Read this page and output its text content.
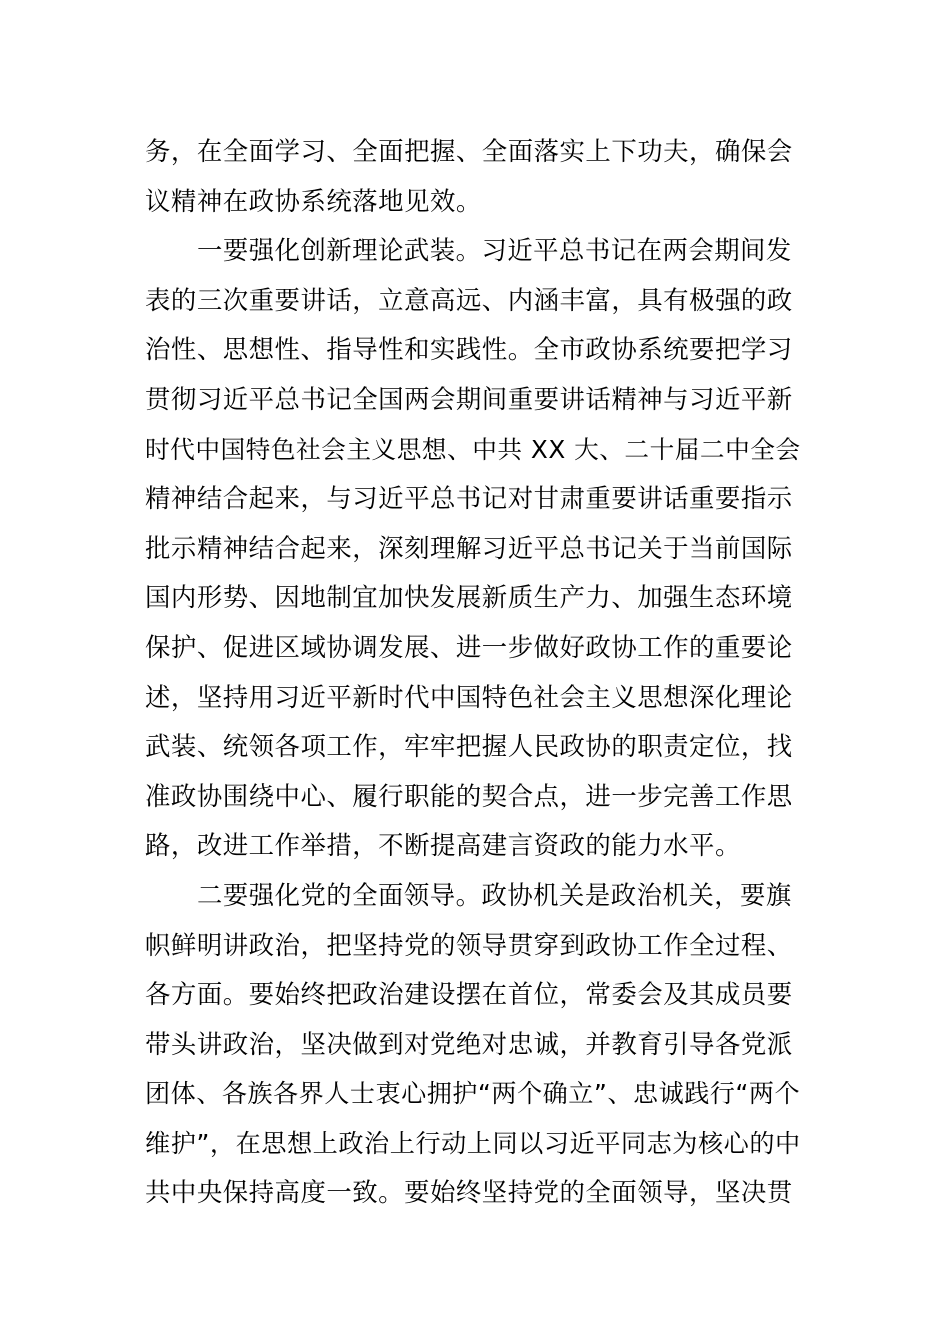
务，在全面学习、全面把握、全面落实上下功夫，确保会
议精神在政协系统落地见效。
一要强化创新理论武装。习近平总书记在两会期间发
表的三次重要讲话，立意高远、内涵丰富，具有极强的政
治性、思想性、指导性和实践性。全市政协系统要把学习
贯彻习近平总书记全国两会期间重要讲话精神与习近平新
时代中国特色社会主义思想、中共 XX 大、二十届二中全会
精神结合起来，与习近平总书记对甘肃重要讲话重要指示
批示精神结合起来，深刻理解习近平总书记关于当前国际
国内形势、因地制宜加快发展新质生产力、加强生态环境
保护、促进区域协调发展、进一步做好政协工作的重要论
述，坚持用习近平新时代中国特色社会主义思想深化理论
武装、统领各项工作，牢牢把握人民政协的职责定位，找
准政协围绕中心、履行职能的契合点，进一步完善工作思
路，改进工作举措，不断提高建言资政的能力水平。
二要强化党的全面领导。政协机关是政治机关，要旗
帜鲜明讲政治，把坚持党的领导贯穿到政协工作全过程、
各方面。要始终把政治建设摆在首位，常委会及其成员要
带头讲政治，坚决做到对党绝对忠诚，并教育引导各党派
团体、各族各界人士衷心拥护“两个确立”、忠诚践行“两个
维护”，在思想上政治上行动上同以习近平同志为核心的中
共中央保持高度一致。要始终坚持党的全面领导，坚决贯
